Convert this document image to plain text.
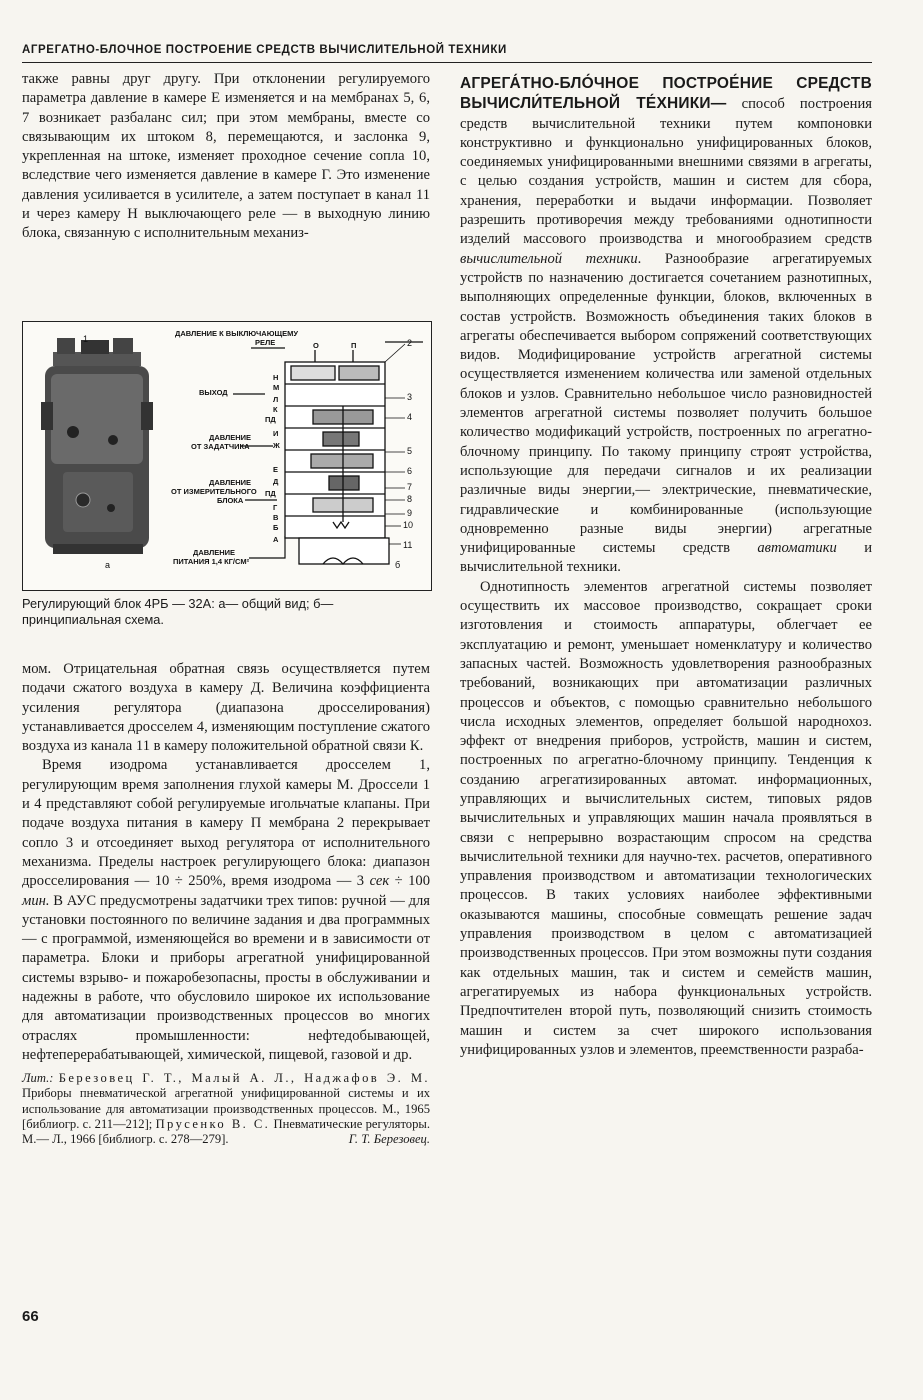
АГРЕГАТНО-БЛОЧНОЕ ПОСТРОЕНИЕ СРЕДСТВ ВЫЧИСЛИТЕЛЬНОЙ ТЕХНИКИ

также равны друг другу. При отклонении регулируемого параметра давление в камере Е изменяется и на мембранах 5, 6, 7 возникает разбаланс сил; при этом мембраны, вместе со связывающим их штоком 8, перемещаются, и заслонка 9, укрепленная на штоке, изменяет проходное сечение сопла 10, вследствие чего изменяется давление в камере Г. Это изменение давления усиливается в усилителе, а затем поступает в канал 11 и через камеру Н выключающего реле — в выходную линию блока, связанную с исполнительным механиз-

а
ДАВЛЕНИЕ К ВЫКЛЮЧАЮЩЕМУ
РЕЛЕ
ВЫХОД
ДАВЛЕНИЕ
ОТ ЗАДАТЧИКА
ДАВЛЕНИЕ
ОТ ИЗМЕРИТЕЛЬНОГО
БЛОКА
ДАВЛЕНИЕ
ПИТАНИЯ 1,4 КГ/СМ²
Н
М
Л
К
ПД
И
Ж
Е
Д
ПД
Г
В
Б
А
О	П
1	2
3
4
5
6
7
8
9
10
11
б
Регулирующий блок 4РБ — 32А: а— общий вид; б— принципиальная схема.

мом. Отрицательная обратная связь осуществляется путем подачи сжатого воздуха в камеру Д. Величина коэффициента усиления регулятора (диапазона дросселирования) устанавливается дросселем 4, изменяющим поступление сжатого воздуха из канала 11 в камеру положительной обратной связи К.

Время изодрома устанавливается дросселем 1, регулирующим время заполнения глухой камеры М. Дроссели 1 и 4 представляют собой регулируемые игольчатые клапаны. При подаче воздуха питания в камеру П мембрана 2 перекрывает сопло 3 и отсоединяет выход регулятора от исполнительного механизма. Пределы настроек регулирующего блока: диапазон дросселирования — 10 ÷ 250%, время изодрома — 3 сек ÷ 100 мин. В АУС предусмотрены задатчики трех типов: ручной — для установки постоянного по величине задания и два программных — с программой, изменяющейся во времени и в зависимости от параметра. Блоки и приборы агрегатной унифицированной системы взрыво- и пожаробезопасны, просты в обслуживании и надежны в работе, что обусловило широкое их использование для автоматизации производственных процессов во многих отраслях промышленности: нефтедобывающей, нефтеперерабатывающей, химической, пищевой, газовой и др.

Лит.: Березовец Г. Т., Малый А. Л., Наджафов Э. М. Приборы пневматической агрегатной унифицированной системы и их использование для автоматизации производственных процессов. М., 1965 [библиогр. с. 211—212]; Прусенко В. С. Пневматические регуляторы. М.— Л., 1966 [библиогр. с. 278—279].	Г. Т. Березовец.

АГРЕГА́ТНО-БЛО́ЧНОЕ ПОСТРОЕ́НИЕ СРЕДСТВ ВЫЧИСЛИ́ТЕЛЬНОЙ ТЕ́ХНИКИ— способ построения средств вычислительной техники путем компоновки конструктивно и функционально унифицированных блоков, соединяемых унифицированными внешними связями в агрегаты, с целью создания устройств, машин и систем для сбора, хранения, переработки и выдачи информации. Позволяет разрешить противоречия между требованиями однотипности изделий массового производства и многообразием средств вычислительной техники. Разнообразие агрегатируемых устройств по назначению достигается сочетанием разнотипных, выполняющих определенные функции, блоков, включенных в состав устройств. Возможность объединения таких блоков в агрегаты обеспечивается выбором сопряжений соответствующих видов. Модифицирование устройств агрегатной системы осуществляется изменением количества или заменой отдельных блоков и узлов. Сравнительно небольшое число разновидностей элементов агрегатной системы позволяет получить большое количество модификаций устройств, построенных по агрегатно-блочному принципу. По такому принципу строят устройства, использующие для передачи сигналов и их реализации различные виды энергии,— электрические, пневматические, гидравлические и комбинированные (использующие одновременно разные виды энергии) агрегатные унифицированные системы средств автоматики и вычислительной техники.

Однотипность элементов агрегатной системы позволяет осуществить их массовое производство, сокращает сроки изготовления и стоимость аппаратуры, облегчает ее эксплуатацию и ремонт, уменьшает номенклатуру и количество запасных частей. Возможность удовлетворения разнообразных требований, возникающих при автоматизации различных процессов и объектов, с помощью сравнительно небольшого числа исходных элементов, определяет большой народнохоз. эффект от внедрения приборов, устройств, машин и систем, построенных по агрегатно-блочному принципу. Тенденция к созданию агрегатизированных автомат. информационных, управляющих и вычислительных систем, типовых рядов вычислительных и управляющих машин начала проявляться в связи с непрерывно возрастающим спросом на средства вычислительной техники для научно-тех. расчетов, оперативного управления производством и автоматизации технологических процессов. В таких условиях наиболее эффективными оказываются машины, способные совмещать решение задач управления производством в целом с автоматизацией производственных процессов. При этом возможны пути создания как отдельных машин, так и систем и семейств машин, агрегатируемых из набора функциональных устройств. Предпочтителен второй путь, позволяющий снизить стоимость машин и систем за счет широкого использования унифицированных узлов и элементов, преемственности разраба-

66
